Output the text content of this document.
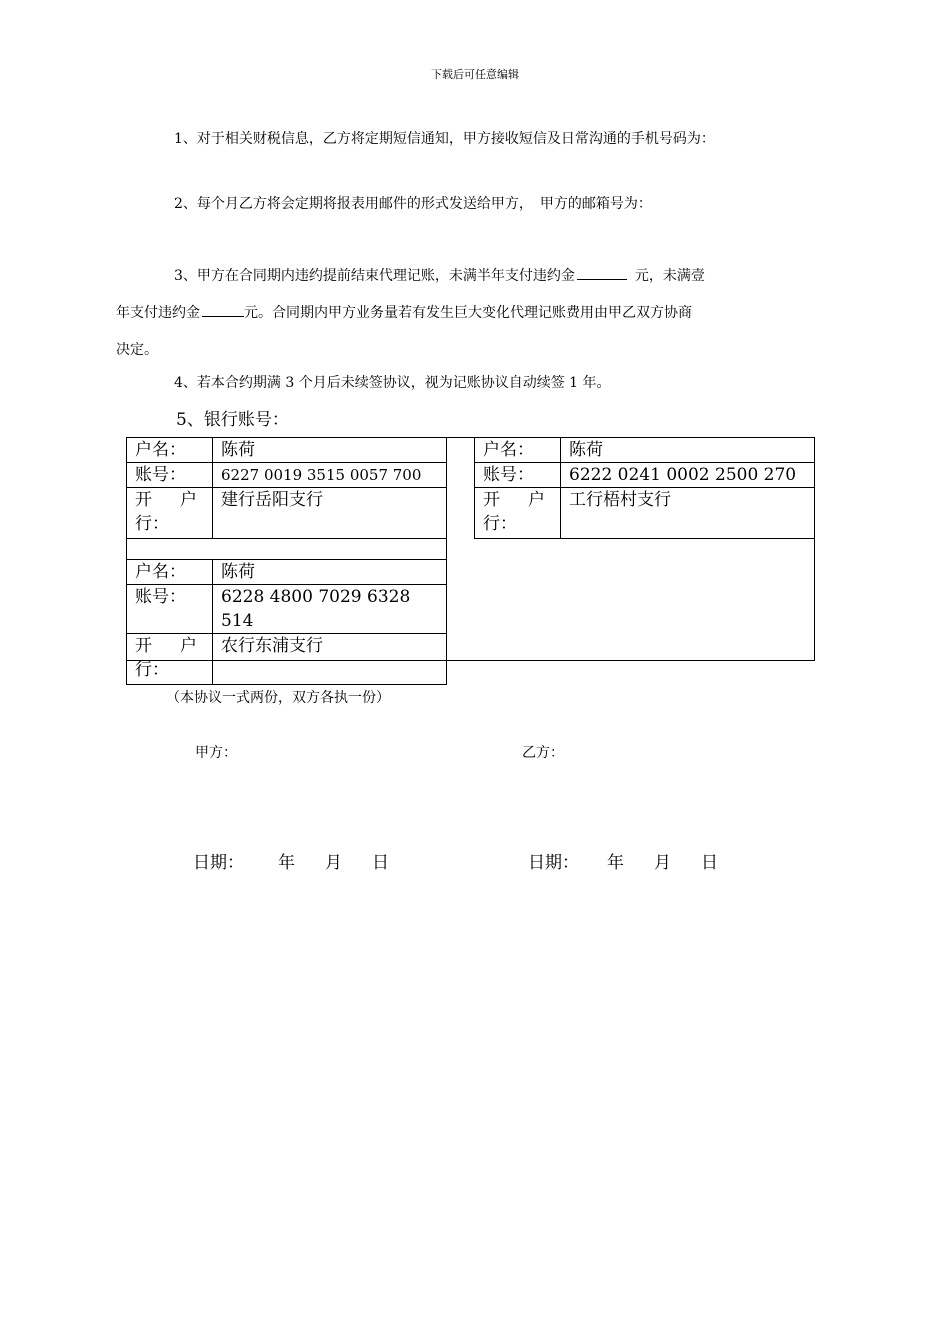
下载后可任意编辑
1、对于相关财税信息，乙方将定期短信通知，甲方接收短信及日常沟通的手机号码为：
2、每个月乙方将会定期将报表用邮件的形式发送给甲方，　甲方的邮箱号为：
3、甲方在合同期内违约提前结束代理记账，未满半年支付违约金	元，未满壹
年支付违约金	元。合同期内甲方业务量若有发生巨大变化代理记账费用由甲乙双方协商
决定。
4、若本合约期满 3 个月后未续签协议，视为记账协议自动续签 1 年。
5、银行账号：
户 名：	陈荷

账 号：	6227 0019 3515 0057 700

开 户
行：	建行岳阳支行
户 名：	陈荷

账 号：	6222 0241 0002 2500 270

开 户
行：	工行梧村支行
户 名：	陈荷

账 号：	6228 4800 7029 6328 514

开 户
行：	农行东浦支行
（本协议一式两份，双方各执一份）
甲方：	乙方：
日期： 年 月 日	日期： 年 月 日
